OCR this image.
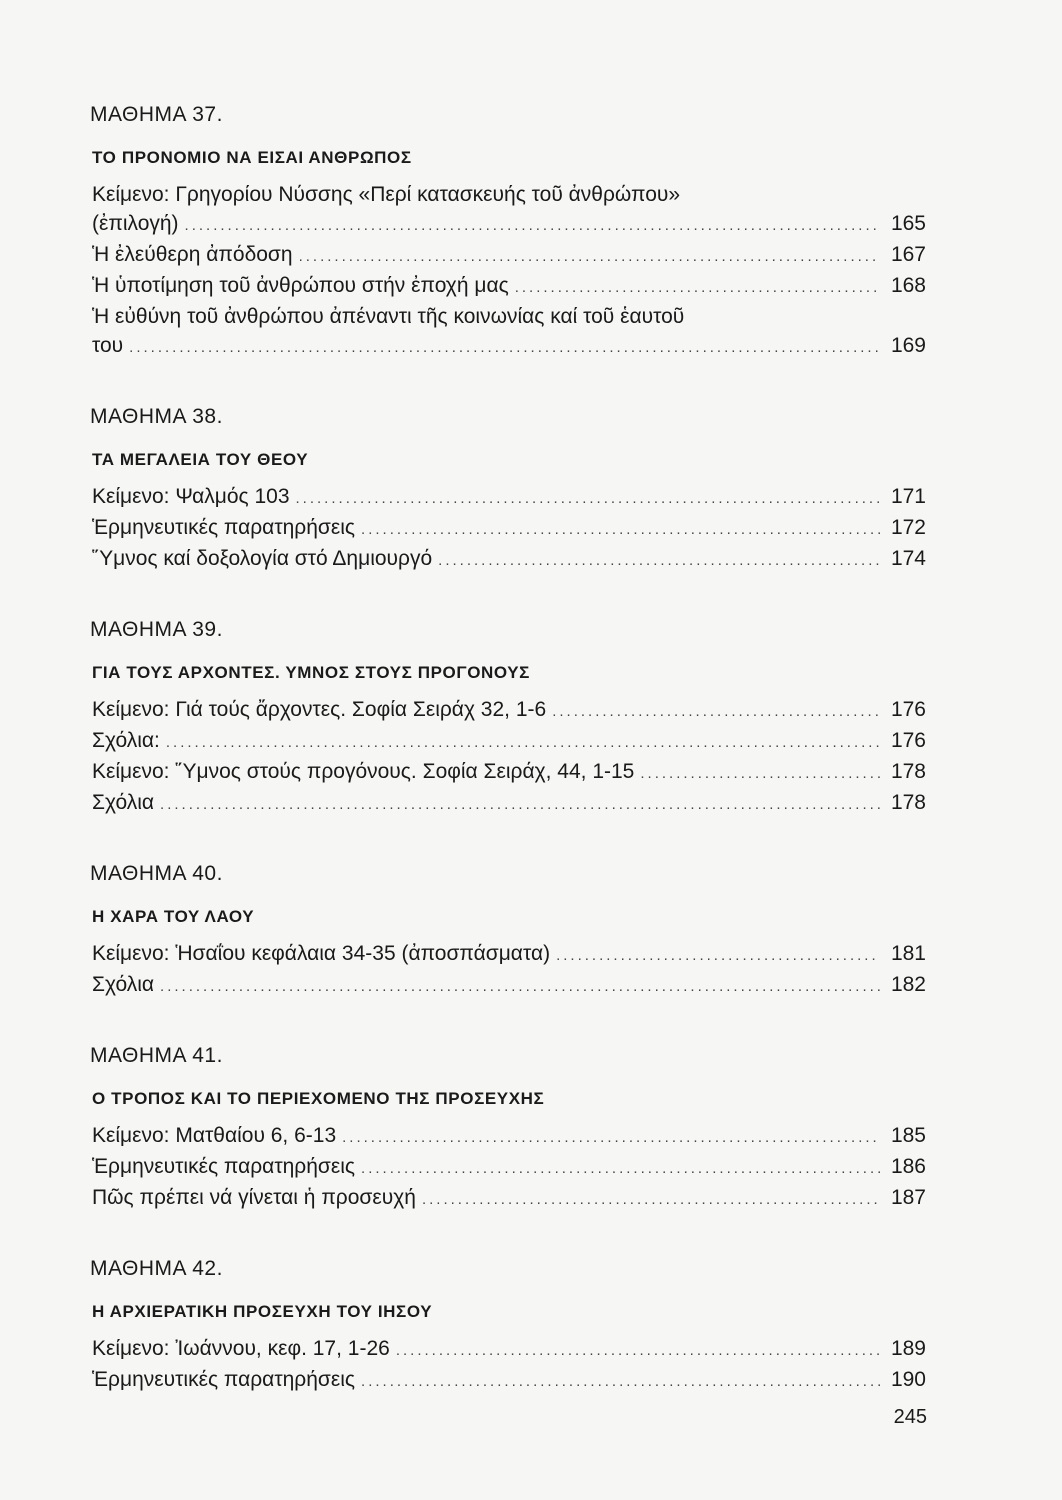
ΜΑΘΗΜΑ 37.
ΤΟ ΠΡΟΝΟΜΙΟ ΝΑ ΕΙΣΑΙ ΑΝΘΡΩΠΟΣ
Κείμενο: Γρηγορίου Νύσσης «Περί κατασκευής τοῦ ἀνθρώπου»
(ἐπιλογή) .....	165
Ἡ ἐλεύθερη ἀπόδοση .....	167
Ἡ ὑποτίμηση τοῦ ἀνθρώπου στήν ἐποχή μας .....	168
Ἡ εὐθύνη τοῦ ἀνθρώπου ἀπέναντι τῆς κοινωνίας καί τοῦ ἑαυτοῦ
του .....	169
ΜΑΘΗΜΑ 38.
ΤΑ ΜΕΓΑΛΕΙΑ ΤΟΥ ΘΕΟΥ
Κείμενο: Ψαλμός 103 .....	171
Ἑρμηνευτικές παρατηρήσεις .....	172
Ὕμνος καί δοξολογία στό Δημιουργό .....	174
ΜΑΘΗΜΑ 39.
ΓΙΑ ΤΟΥΣ ΑΡΧΟΝΤΕΣ. ΥΜΝΟΣ ΣΤΟΥΣ ΠΡΟΓΟΝΟΥΣ
Κείμενο: Γιά τούς ἄρχοντες. Σοφία Σειράχ 32, 1-6 .....	176
Σχόλια: .....	176
Κείμενο: Ὕμνος στούς προγόνους. Σοφία Σειράχ, 44, 1-15 .....	178
Σχόλια .....	178
ΜΑΘΗΜΑ 40.
Η ΧΑΡΑ ΤΟΥ ΛΑΟΥ
Κείμενο: Ἡσαΐου κεφάλαια 34-35 (ἀποσπάσματα) .....	181
Σχόλια .....	182
ΜΑΘΗΜΑ 41.
Ο ΤΡΟΠΟΣ ΚΑΙ ΤΟ ΠΕΡΙΕΧΟΜΕΝΟ ΤΗΣ ΠΡΟΣΕΥΧΗΣ
Κείμενο: Ματθαίου 6, 6-13 .....	185
Ἑρμηνευτικές παρατηρήσεις .....	186
Πῶς πρέπει νά γίνεται ἡ προσευχή .....	187
ΜΑΘΗΜΑ 42.
Η ΑΡΧΙΕΡΑΤΙΚΗ ΠΡΟΣΕΥΧΗ ΤΟΥ ΙΗΣΟΥ
Κείμενο: Ἰωάννου, κεφ. 17, 1-26 .....	189
Ἑρμηνευτικές παρατηρήσεις .....	190
245
